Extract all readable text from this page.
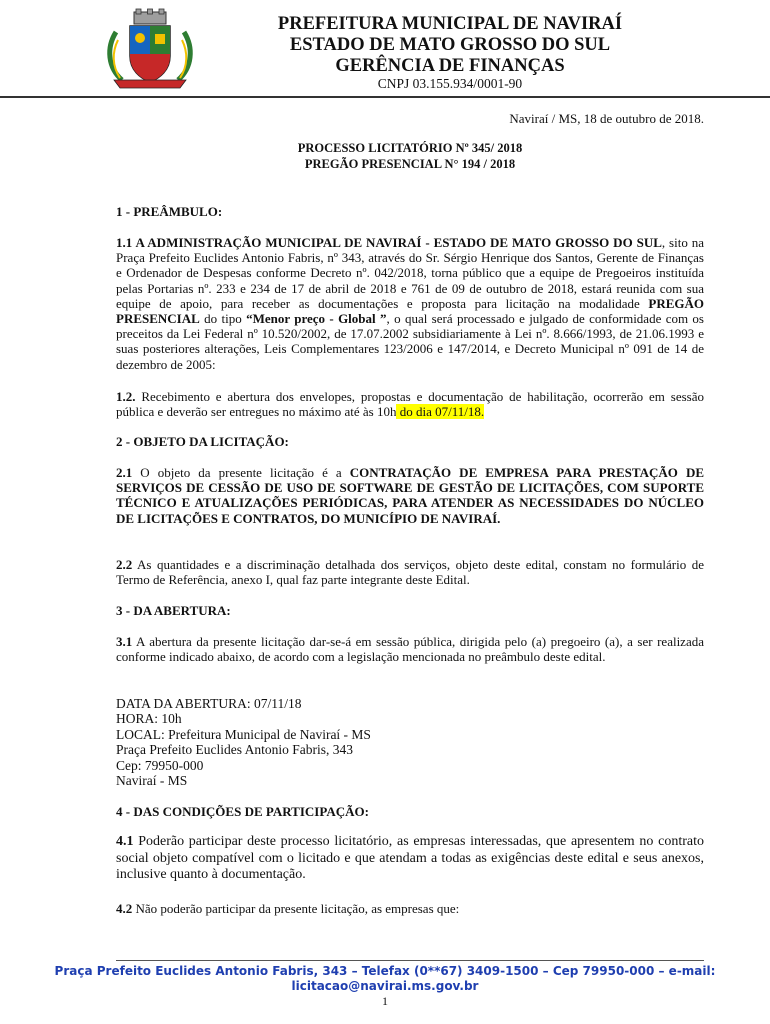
PREFEITURA MUNICIPAL DE NAVIRAÍ
ESTADO DE MATO GROSSO DO SUL
GERÊNCIA DE FINANÇAS
CNPJ 03.155.934/0001-90
Naviraí / MS, 18 de outubro de 2018.
PROCESSO LICITATÓRIO Nº 345/ 2018
PREGÃO PRESENCIAL N° 194 / 2018
1 - PREÂMBULO:

1.1 A ADMINISTRAÇÃO MUNICIPAL DE NAVIRAÍ - ESTADO DE MATO GROSSO DO SUL, sito na Praça Prefeito Euclides Antonio Fabris, nº 343, através do Sr. Sérgio Henrique dos Santos, Gerente de Finanças e Ordenador de Despesas conforme Decreto nº. 042/2018, torna público que a equipe de Pregoeiros instituída pelas Portarias nº. 233 e 234 de 17 de abril de 2018 e 761 de 09 de outubro de 2018, estará reunida com sua equipe de apoio, para receber as documentações e proposta para licitação na modalidade PREGÃO PRESENCIAL do tipo “Menor preço - Global ”, o qual será processado e julgado de conformidade com os preceitos da Lei Federal nº 10.520/2002, de 17.07.2002 subsidiariamente à Lei nº. 8.666/1993, de 21.06.1993 e suas posteriores alterações, Leis Complementares 123/2006 e 147/2014, e Decreto Municipal nº 091 de 14 de dezembro de 2005:

1.2. Recebimento e abertura dos envelopes, propostas e documentação de habilitação, ocorrerão em sessão pública e deverão ser entregues no máximo até às 10h do dia 07/11/18.

2 - OBJETO DA LICITAÇÃO:

2.1 O objeto da presente licitação é a CONTRATAÇÃO DE EMPRESA PARA PRESTAÇÃO DE SERVIÇOS DE CESSÃO DE USO DE SOFTWARE DE GESTÃO DE LICITAÇÕES, COM SUPORTE TÉCNICO E ATUALIZAÇÕES PERIÓDICAS, PARA ATENDER AS NECESSIDADES DO NÚCLEO DE LICITAÇÕES E CONTRATOS, DO MUNICÍPIO DE NAVIRAÍ.

2.2 As quantidades e a discriminação detalhada dos serviços, objeto deste edital, constam no formulário de Termo de Referência, anexo I, qual faz parte integrante deste Edital.

3 - DA ABERTURA:

3.1 A abertura da presente licitação dar-se-á em sessão pública, dirigida pelo (a) pregoeiro (a), a ser realizada conforme indicado abaixo, de acordo com a legislação mencionada no preâmbulo deste edital.

DATA DA ABERTURA: 07/11/18
HORA: 10h
LOCAL: Prefeitura Municipal de Naviraí - MS
Praça Prefeito Euclides Antonio Fabris, 343
Cep: 79950-000
Naviraí - MS
4 - DAS CONDIÇÕES DE PARTICIPAÇÃO:

4.1 Poderão participar deste processo licitatório, as empresas interessadas, que apresentem no contrato social objeto compatível com o licitado e que atendam a todas as exigências deste edital e seus anexos, inclusive quanto à documentação.

4.2 Não poderão participar da presente licitação, as empresas que:

Praça Prefeito Euclides Antonio Fabris, 343 – Telefax (0**67) 3409-1500 – Cep 79950-000 – e-mail:
licitacao@navirai.ms.gov.br
1
